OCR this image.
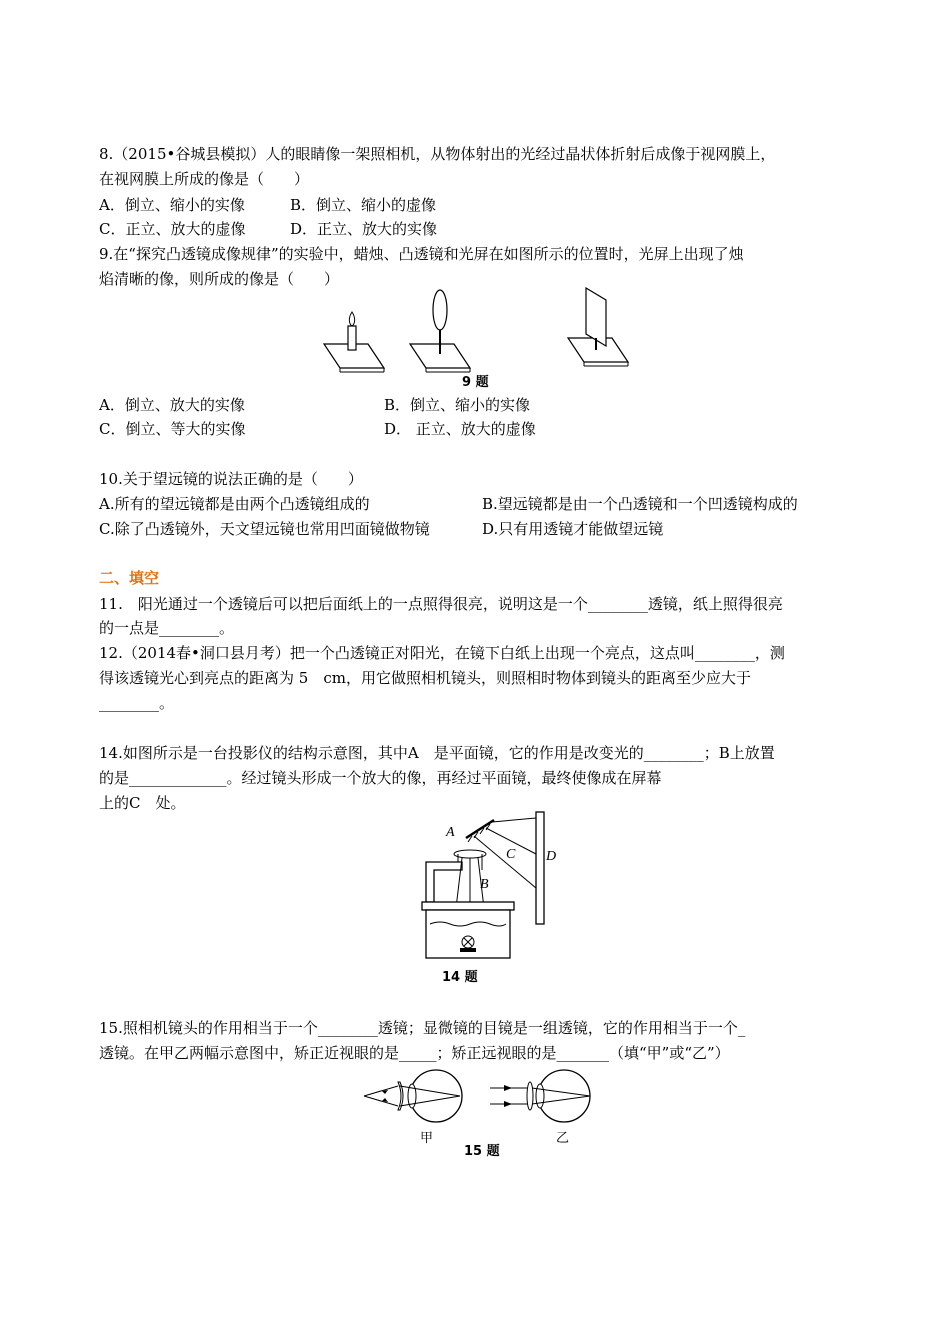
8.（2015•谷城县模拟）人的眼睛像一架照相机，从物体射出的光经过晶状体折射后成像于视网膜上，
在视网膜上所成的像是（　　）
A．倒立、缩小的实像	B．倒立、缩小的虚像
C．正立、放大的虚像	D．正立、放大的实像
9.在“探究凸透镜成像规律”的实验中，蜡烛、凸透镜和光屏在如图所示的位置时，光屏上出现了烛
焰清晰的像，则所成的像是（　　）
9 题
A．倒立、放大的实像	B．倒立、缩小的实像
C．倒立、等大的实像	D． 正立、放大的虚像
10.关于望远镜的说法正确的是（　　）
A.所有的望远镜都是由两个凸透镜组成的	B.望远镜都是由一个凸透镜和一个凹透镜构成的
C.除了凸透镜外，天文望远镜也常用凹面镜做物镜	D.只有用透镜才能做望远镜
二、填空
11.　阳光通过一个透镜后可以把后面纸上的一点照得很亮，说明这是一个________透镜，纸上照得很亮
的一点是________。
12.（2014春•洞口县月考）把一个凸透镜正对阳光，在镜下白纸上出现一个亮点，这点叫________，测
得该透镜光心到亮点的距离为 5　cm，用它做照相机镜头，则照相时物体到镜头的距离至少应大于
________。
14.如图所示是一台投影仪的结构示意图，其中A　是平面镜，它的作用是改变光的________；B上放置
的是_____________。经过镜头形成一个放大的像，再经过平面镜，最终使像成在屏幕
上的C　处。
A
B
C D
14 题
15.照相机镜头的作用相当于一个________透镜；显微镜的目镜是一组透镜，它的作用相当于一个_
透镜。在甲乙两幅示意图中，矫正近视眼的是_____；矫正远视眼的是_______（填“甲”或“乙”）
甲	乙
15 题
